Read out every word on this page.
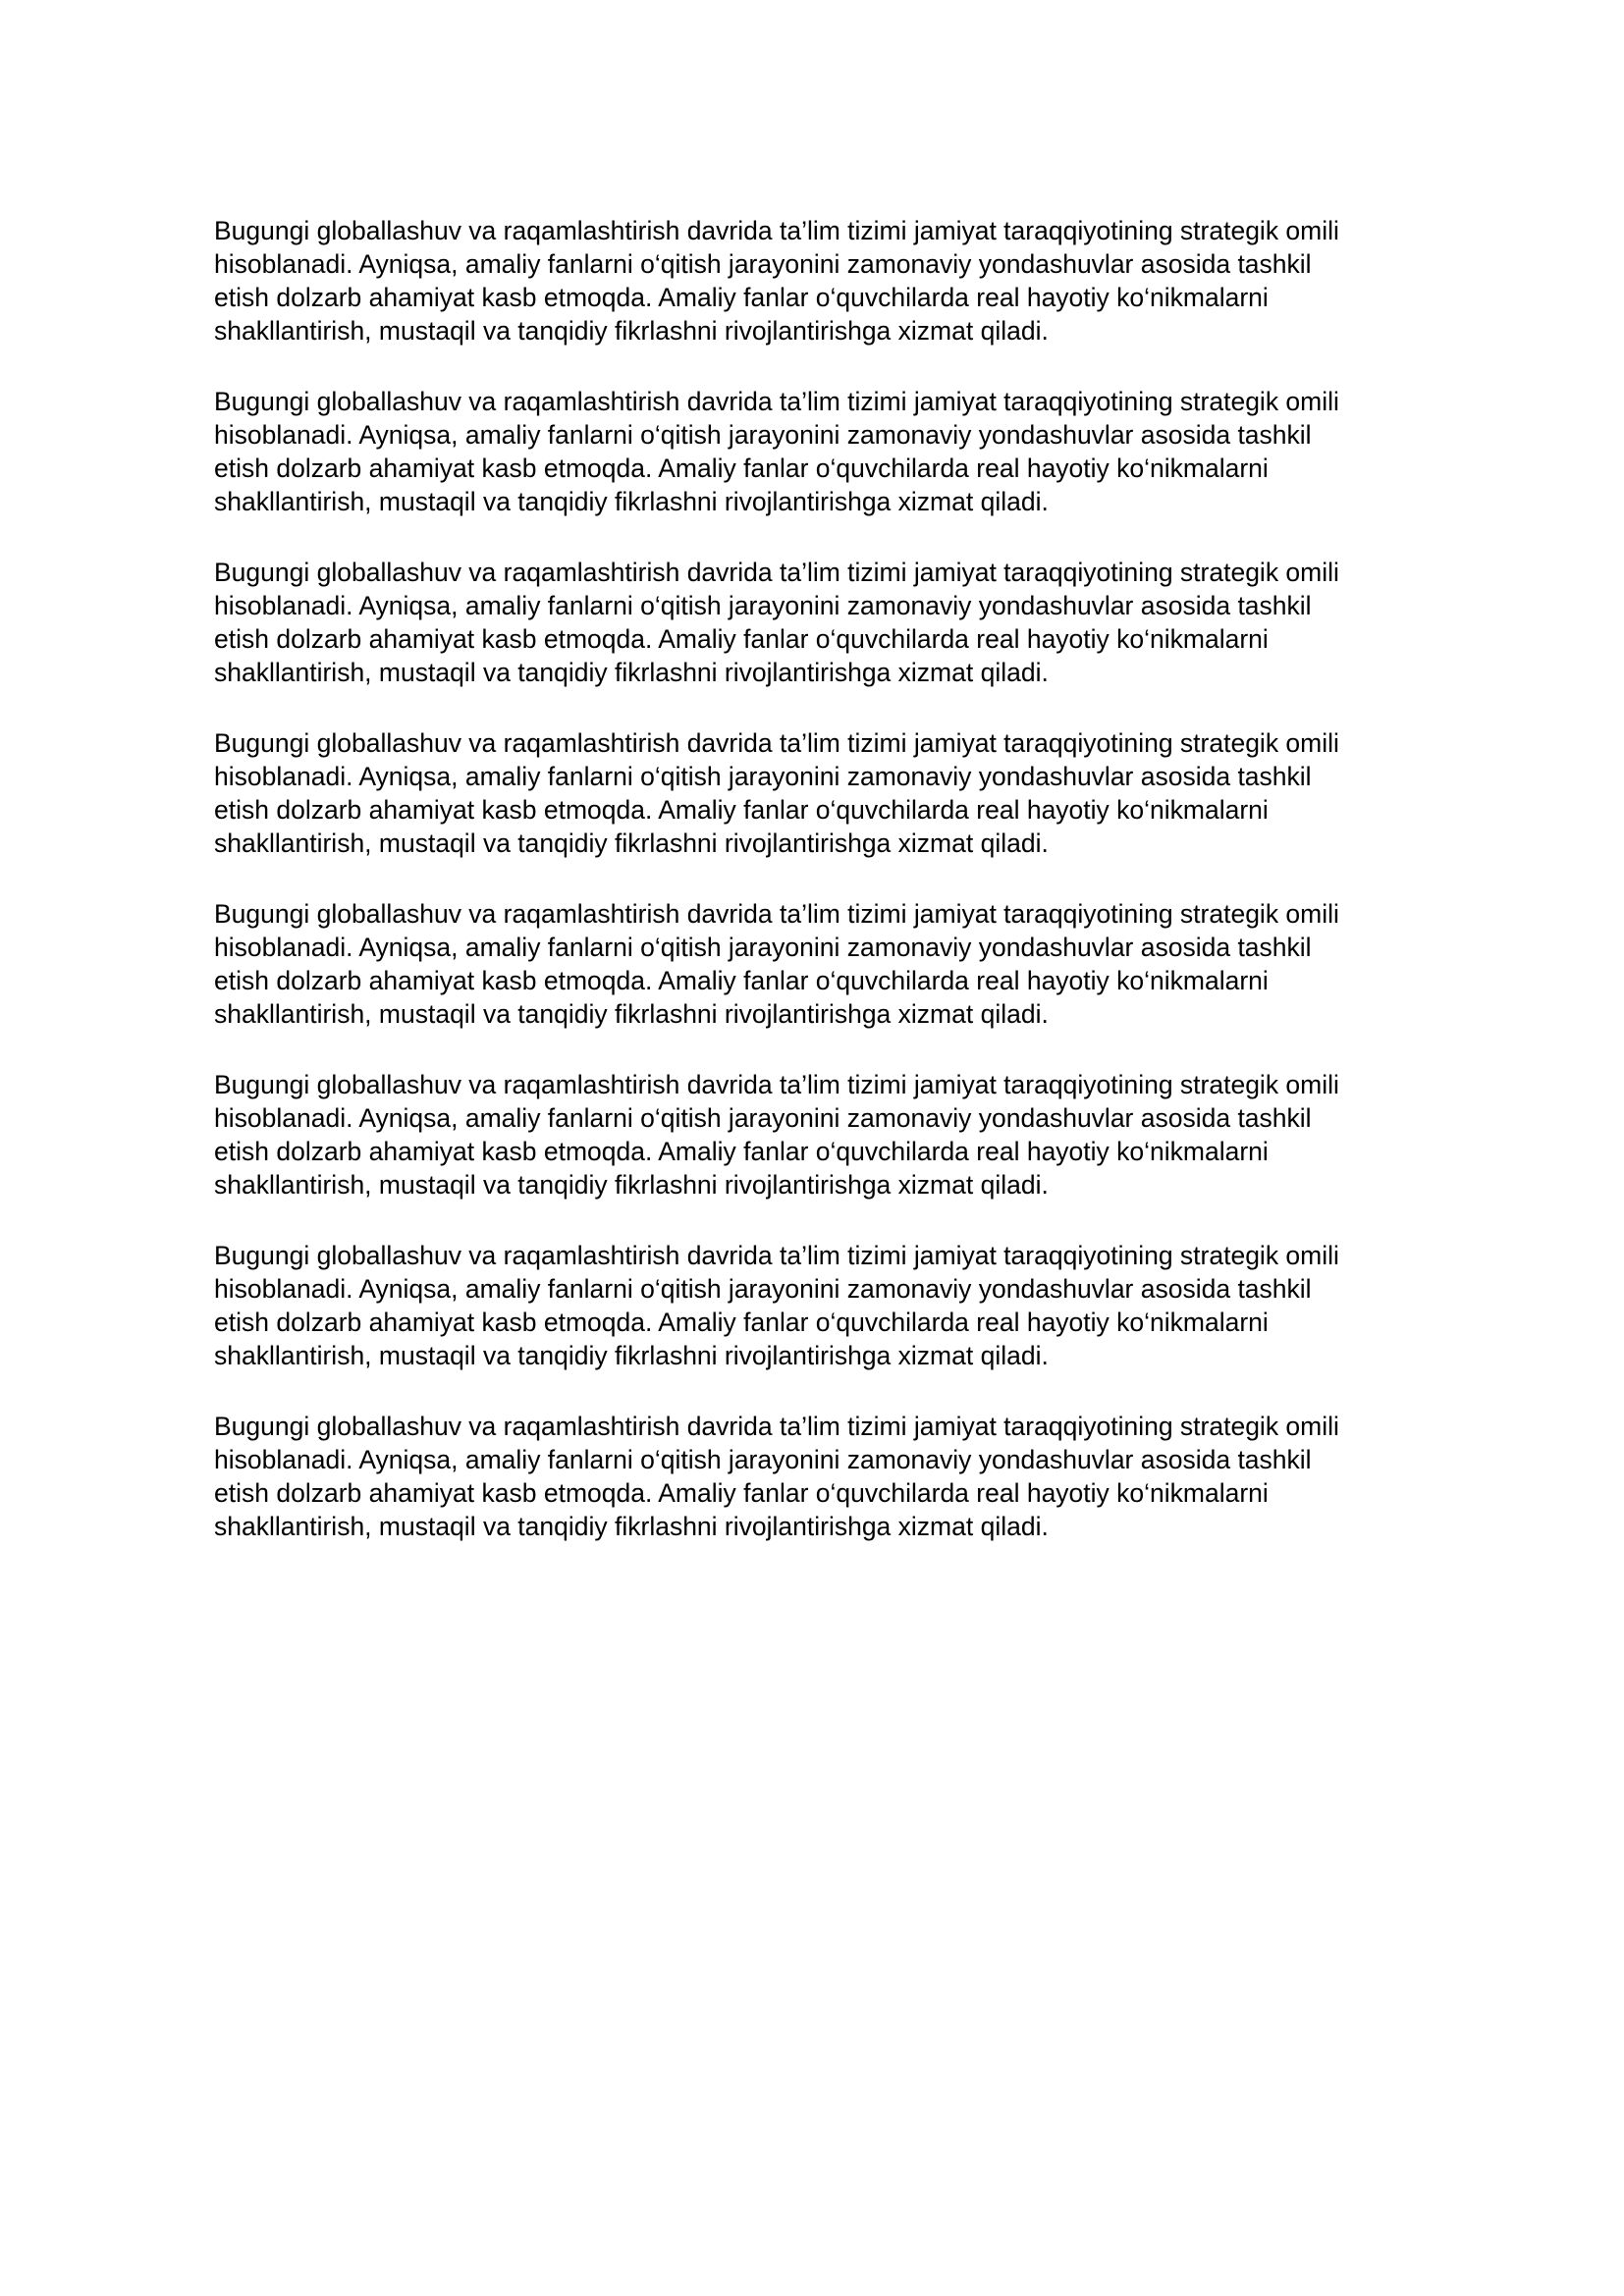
Bugungi globallashuv va raqamlashtirish davrida ta’lim tizimi jamiyat taraqqiyotining strategik omili
hisoblanadi. Ayniqsa, amaliy fanlarni o‘qitish jarayonini zamonaviy yondashuvlar asosida tashkil
etish dolzarb ahamiyat kasb etmoqda. Amaliy fanlar o‘quvchilarda real hayotiy ko‘nikmalarni
shakllantirish, mustaqil va tanqidiy fikrlashni rivojlantirishga xizmat qiladi.

Bugungi globallashuv va raqamlashtirish davrida ta’lim tizimi jamiyat taraqqiyotining strategik omili
hisoblanadi. Ayniqsa, amaliy fanlarni o‘qitish jarayonini zamonaviy yondashuvlar asosida tashkil
etish dolzarb ahamiyat kasb etmoqda. Amaliy fanlar o‘quvchilarda real hayotiy ko‘nikmalarni
shakllantirish, mustaqil va tanqidiy fikrlashni rivojlantirishga xizmat qiladi.

Bugungi globallashuv va raqamlashtirish davrida ta’lim tizimi jamiyat taraqqiyotining strategik omili
hisoblanadi. Ayniqsa, amaliy fanlarni o‘qitish jarayonini zamonaviy yondashuvlar asosida tashkil
etish dolzarb ahamiyat kasb etmoqda. Amaliy fanlar o‘quvchilarda real hayotiy ko‘nikmalarni
shakllantirish, mustaqil va tanqidiy fikrlashni rivojlantirishga xizmat qiladi.

Bugungi globallashuv va raqamlashtirish davrida ta’lim tizimi jamiyat taraqqiyotining strategik omili
hisoblanadi. Ayniqsa, amaliy fanlarni o‘qitish jarayonini zamonaviy yondashuvlar asosida tashkil
etish dolzarb ahamiyat kasb etmoqda. Amaliy fanlar o‘quvchilarda real hayotiy ko‘nikmalarni
shakllantirish, mustaqil va tanqidiy fikrlashni rivojlantirishga xizmat qiladi.

Bugungi globallashuv va raqamlashtirish davrida ta’lim tizimi jamiyat taraqqiyotining strategik omili
hisoblanadi. Ayniqsa, amaliy fanlarni o‘qitish jarayonini zamonaviy yondashuvlar asosida tashkil
etish dolzarb ahamiyat kasb etmoqda. Amaliy fanlar o‘quvchilarda real hayotiy ko‘nikmalarni
shakllantirish, mustaqil va tanqidiy fikrlashni rivojlantirishga xizmat qiladi.

Bugungi globallashuv va raqamlashtirish davrida ta’lim tizimi jamiyat taraqqiyotining strategik omili
hisoblanadi. Ayniqsa, amaliy fanlarni o‘qitish jarayonini zamonaviy yondashuvlar asosida tashkil
etish dolzarb ahamiyat kasb etmoqda. Amaliy fanlar o‘quvchilarda real hayotiy ko‘nikmalarni
shakllantirish, mustaqil va tanqidiy fikrlashni rivojlantirishga xizmat qiladi.

Bugungi globallashuv va raqamlashtirish davrida ta’lim tizimi jamiyat taraqqiyotining strategik omili
hisoblanadi. Ayniqsa, amaliy fanlarni o‘qitish jarayonini zamonaviy yondashuvlar asosida tashkil
etish dolzarb ahamiyat kasb etmoqda. Amaliy fanlar o‘quvchilarda real hayotiy ko‘nikmalarni
shakllantirish, mustaqil va tanqidiy fikrlashni rivojlantirishga xizmat qiladi.

Bugungi globallashuv va raqamlashtirish davrida ta’lim tizimi jamiyat taraqqiyotining strategik omili
hisoblanadi. Ayniqsa, amaliy fanlarni o‘qitish jarayonini zamonaviy yondashuvlar asosida tashkil
etish dolzarb ahamiyat kasb etmoqda. Amaliy fanlar o‘quvchilarda real hayotiy ko‘nikmalarni
shakllantirish, mustaqil va tanqidiy fikrlashni rivojlantirishga xizmat qiladi.
